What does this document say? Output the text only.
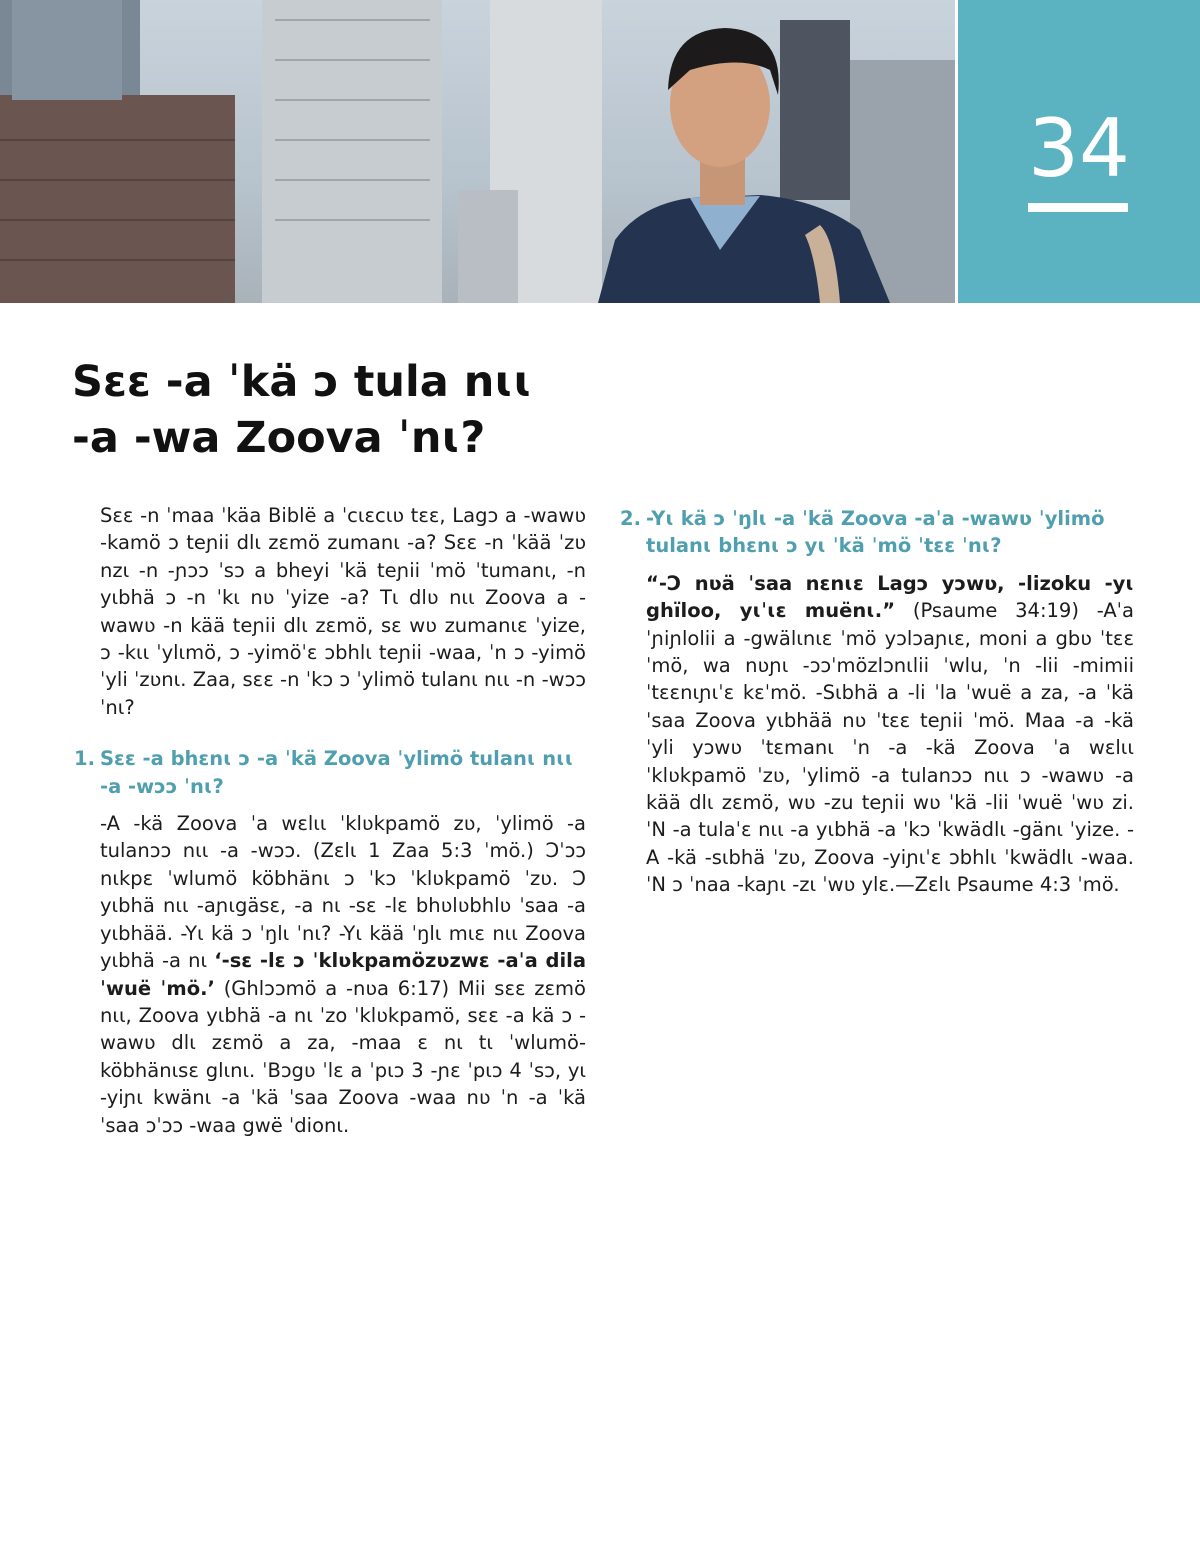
34
Sɛɛ -a ˈkä ɔ tula nɩɩ
-a -wa Zoova ˈnɩ?

Sɛɛ -n ˈmaa ˈkäa Biblë a ˈcɩɛcɩʋ tɛɛ, Lagɔ a -wawʋ -kamö ɔ teɲii dlɩ zɛmö zumanɩ -a? Sɛɛ -n ˈkää ˈzʋ nzɩ -n -ɲɔɔ ˈsɔ a bheyi ˈkä teɲii ˈmö ˈtumanɩ, -n yɩbhä ɔ -n ˈkɩ nʋ ˈyize -a? Tɩ dlʋ nɩɩ Zoova a -wawʋ -n kää teɲii dlɩ zɛmö, sɛ wʋ zumanɩɛ ˈyize, ɔ -kɩɩ ˈylɩmö, ɔ -yimöˈɛ ɔbhlɩ teɲii -waa, ˈn ɔ -yimö ˈyli ˈzʋnɩ. Zaa, sɛɛ -n ˈkɔ ɔ ˈylimö tulanɩ nɩɩ -n -wɔɔ ˈnɩ?

1. Sɛɛ -a bhɛnɩ ɔ -a ˈkä Zoova ˈylimö tulanɩ nɩɩ -a -wɔɔ ˈnɩ?

-A -kä Zoova ˈa wɛlɩɩ ˈklʋkpamö zʋ, ˈylimö -a tulanɔɔ nɩɩ -a -wɔɔ. (Zɛlɩ 1 Zaa 5:3 ˈmö.) Ɔˈɔɔ nɩkpɛ ˈwlumö köbhänɩ ɔ ˈkɔ ˈklʋkpamö ˈzʋ. Ɔ yɩbhä nɩɩ -aɲɩgäsɛ, -a nɩ -sɛ -lɛ bhʋlʋbhlʋ ˈsaa -a yɩbhää. -Yɩ kä ɔ ˈŋlɩ ˈnɩ? -Yɩ kää ˈŋlɩ mɩɛ nɩɩ Zoova yɩbhä -a nɩ ‘-sɛ -lɛ ɔ ˈklʋkpamözʋzwɛ -aˈa dila ˈwuë ˈmö.’ (Ghlɔɔmö a -nʋa 6:17) Mii sɛɛ zɛmö nɩɩ, Zoova yɩbhä -a nɩ ˈzo ˈklʋkpamö, sɛɛ -a kä ɔ -wawʋ dlɩ zɛmö a za, -maa ɛ nɩ tɩ ˈwlumököbhänɩsɛ glɩnɩ. ˈBɔgʋ ˈlɛ a ˈpɩɔ 3 -ɲɛ ˈpɩɔ 4 ˈsɔ, yɩ -yiɲɩ kwänɩ -a ˈkä ˈsaa Zoova -waa nʋ ˈn -a ˈkä ˈsaa ɔˈɔɔ -waa gwë ˈdionɩ.

2. -Yɩ kä ɔ ˈŋlɩ -a ˈkä Zoova -aˈa -wawʋ ˈylimö tulanɩ bhɛnɩ ɔ yɩ ˈkä ˈmö ˈtɛɛ ˈnɩ?

“-Ɔ nʋä ˈsaa nɛnɩɛ Lagɔ yɔwʋ, -lizoku -yɩ ghïloo, yɩˈɩɛ muënɩ.” (Psaume 34:19) -Aˈa ˈɲiɲlolii a -gwälɩnɩɛ ˈmö yɔlɔaɲɩɛ, moni a gbʋ ˈtɛɛ ˈmö, wa nʋɲɩ -ɔɔˈmözlɔnɩlii ˈwlu, ˈn -lii -mimii ˈtɛɛnɩɲɩˈɛ kɛˈmö. -Sɩbhä a -li ˈla ˈwuë a za, -a ˈkä ˈsaa Zoova yɩbhää nʋ ˈtɛɛ teɲii ˈmö. Maa -a -kä ˈyli yɔwʋ ˈtɛmanɩ ˈn -a -kä Zoova ˈa wɛlɩɩ ˈklʋkpamö ˈzʋ, ˈylimö -a tulanɔɔ nɩɩ ɔ -wawʋ -a kää dlɩ zɛmö, wʋ -zu teɲii wʋ ˈkä -lii ˈwuë ˈwʋ zi. ˈN -a tulaˈɛ nɩɩ -a yɩbhä -a ˈkɔ ˈkwädlɩ -gänɩ ˈyize. -A -kä -sɩbhä ˈzʋ, Zoova -yiɲɩˈɛ ɔbhlɩ ˈkwädlɩ -waa. ˈN ɔ ˈnaa -kaɲɩ -zɩ ˈwʋ ylɛ.—Zɛlɩ Psaume 4:3 ˈmö.
